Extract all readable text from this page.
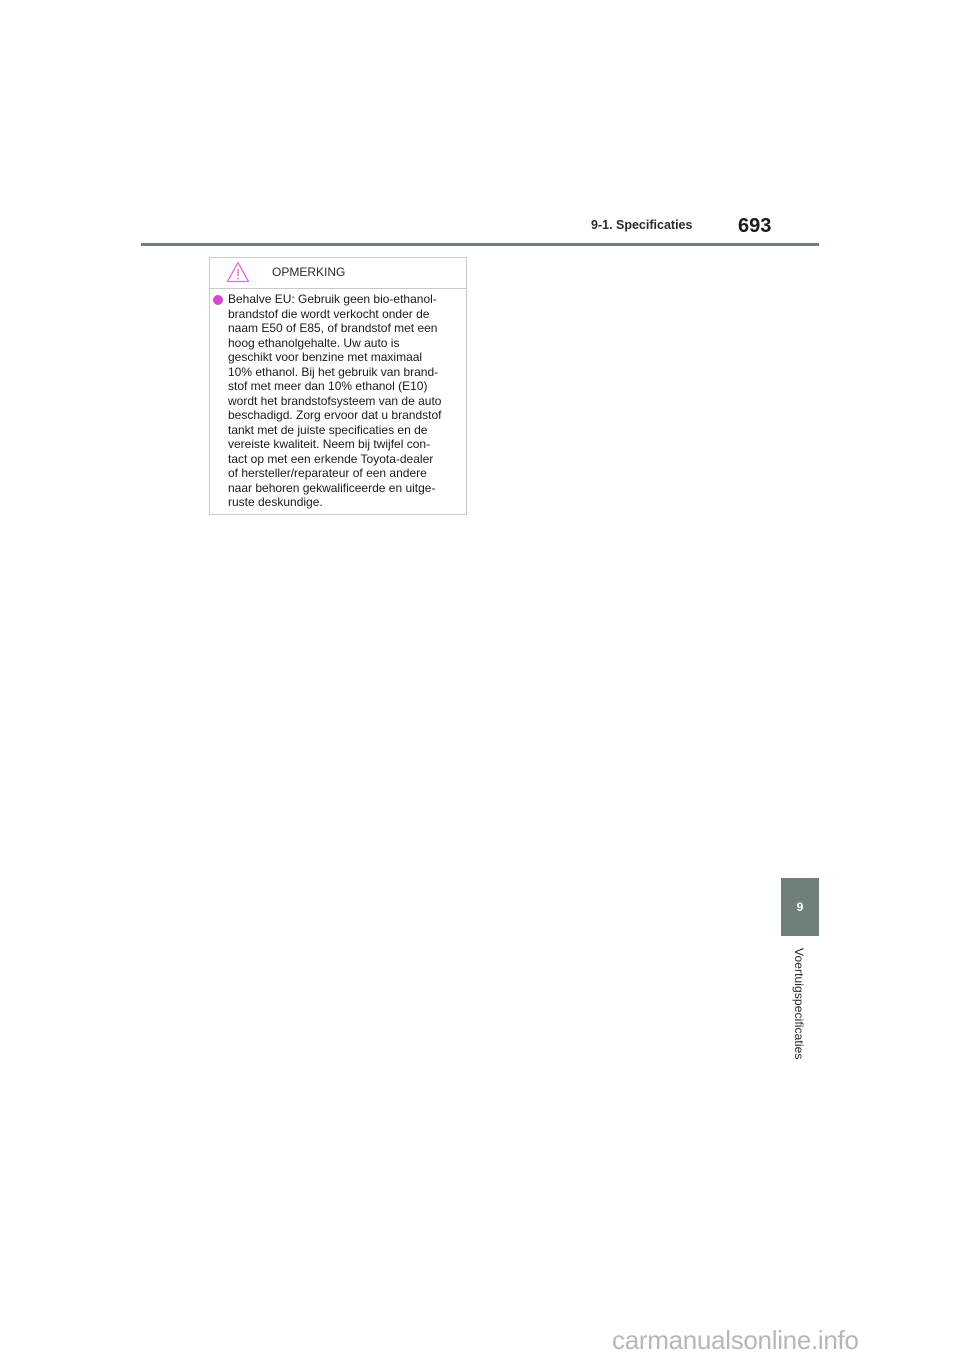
9-1. Specificaties 693
OPMERKING

Behalve EU: Gebruik geen bio-ethanol-
brandstof die wordt verkocht onder de
naam E50 of E85, of brandstof met een
hoog ethanolgehalte. Uw auto is
geschikt voor benzine met maximaal
10% ethanol. Bij het gebruik van brand-
stof met meer dan 10% ethanol (E10)
wordt het brandstofsysteem van de auto
beschadigd. Zorg ervoor dat u brandstof
tankt met de juiste specificaties en de
vereiste kwaliteit. Neem bij twijfel con-
tact op met een erkende Toyota-dealer
of hersteller/reparateur of een andere
naar behoren gekwalificeerde en uitge-
ruste deskundige.

9
Voertuigspecificaties
carmanualsonline.info
